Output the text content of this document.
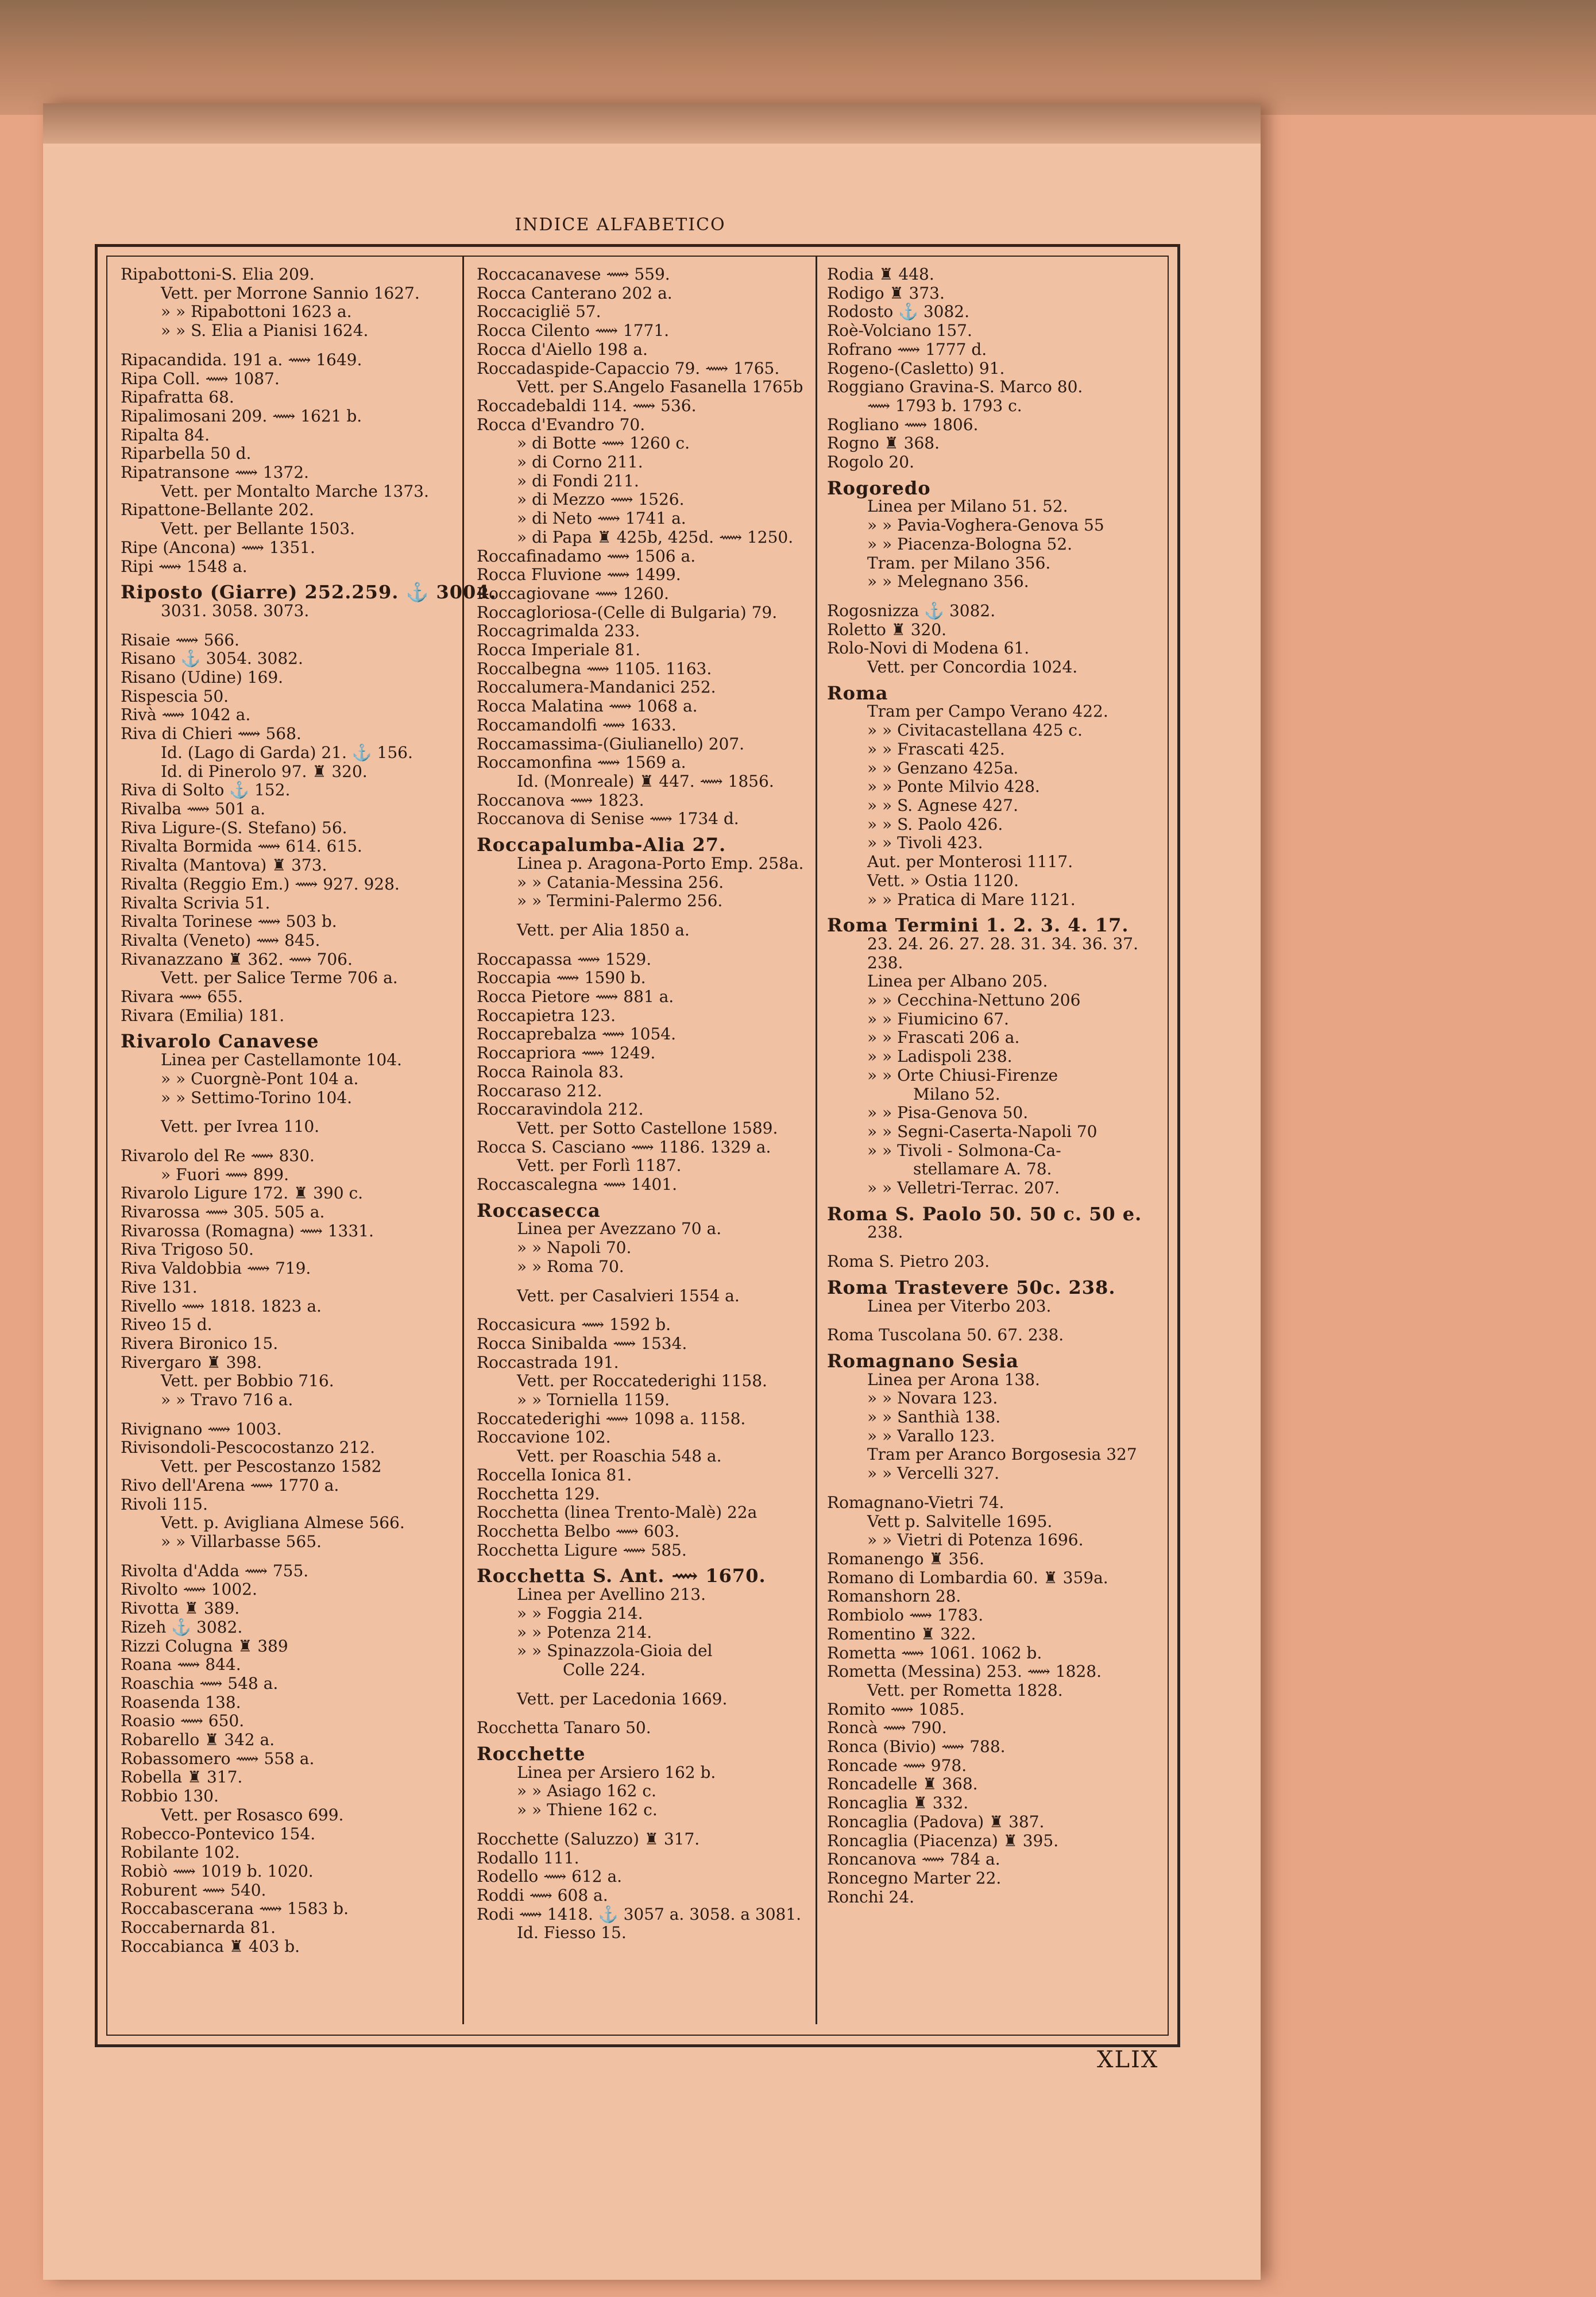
INDICE ALFABETICO
Ripabottoni-S. Elia 209.
Vett. per Morrone Sannio 1627.
» » Ripabottoni 1623 a.
» » S. Elia a Pianisi 1624.
Ripacandida. 191 a. ⟿ 1649.
Ripa Coll. ⟿ 1087.
Ripafratta 68.
Ripalimosani 209. ⟿ 1621 b.
Ripalta 84.
Riparbella 50 d.
Ripatransone ⟿ 1372.
Vett. per Montalto Marche 1373.
Ripattone-Bellante 202.
Vett. per Bellante 1503.
Ripe (Ancona) ⟿ 1351.
Ripi ⟿ 1548 a.
Riposto (Giarre) 252.259. ⚓ 3004.
3031. 3058. 3073.
Risaie ⟿ 566.
Risano ⚓ 3054. 3082.
Risano (Udine) 169.
Rispescia 50.
Rivà ⟿ 1042 a.
Riva di Chieri ⟿ 568.
Id. (Lago di Garda) 21. ⚓ 156.
Id. di Pinerolo 97. ♜ 320.
Riva di Solto ⚓ 152.
Rivalba ⟿ 501 a.
Riva Ligure-(S. Stefano) 56.
Rivalta Bormida ⟿ 614. 615.
Rivalta (Mantova) ♜ 373.
Rivalta (Reggio Em.) ⟿ 927. 928.
Rivalta Scrivia 51.
Rivalta Torinese ⟿ 503 b.
Rivalta (Veneto) ⟿ 845.
Rivanazzano ♜ 362. ⟿ 706.
Vett. per Salice Terme 706 a.
Rivara ⟿ 655.
Rivara (Emilia) 181.
Rivarolo Canavese
Linea per Castellamonte 104.
» » Cuorgnè-Pont 104 a.
» » Settimo-Torino 104.
Vett. per Ivrea 110.
Rivarolo del Re ⟿ 830.
» Fuori ⟿ 899.
Rivarolo Ligure 172. ♜ 390 c.
Rivarossa ⟿ 305. 505 a.
Rivarossa (Romagna) ⟿ 1331.
Riva Trigoso 50.
Riva Valdobbia ⟿ 719.
Rive 131.
Rivello ⟿ 1818. 1823 a.
Riveo 15 d.
Rivera Bironico 15.
Rivergaro ♜ 398.
Vett. per Bobbio 716.
» » Travo 716 a.
Rivignano ⟿ 1003.
Rivisondoli-Pescocostanzo 212.
Vett. per Pescostanzo 1582
Rivo dell'Arena ⟿ 1770 a.
Rivoli 115.
Vett. p. Avigliana Almese 566.
» » Villarbasse 565.
Rivolta d'Adda ⟿ 755.
Rivolto ⟿ 1002.
Rivotta ♜ 389.
Rizeh ⚓ 3082.
Rizzi Colugna ♜ 389
Roana ⟿ 844.
Roaschia ⟿ 548 a.
Roasenda 138.
Roasio ⟿ 650.
Robarello ♜ 342 a.
Robassomero ⟿ 558 a.
Robella ♜ 317.
Robbio 130.
Vett. per Rosasco 699.
Robecco-Pontevico 154.
Robilante 102.
Robiò ⟿ 1019 b. 1020.
Roburent ⟿ 540.
Roccabascerana ⟿ 1583 b.
Roccabernarda 81.
Roccabianca ♜ 403 b.
Roccacanavese ⟿ 559.
Rocca Canterano 202 a.
Roccaciglië 57.
Rocca Cilento ⟿ 1771.
Rocca d'Aiello 198 a.
Roccadaspide-Capaccio 79. ⟿ 1765.
Vett. per S.Angelo Fasanella 1765b
Roccadebaldi 114. ⟿ 536.
Rocca d'Evandro 70.
» di Botte ⟿ 1260 c.
» di Corno 211.
» di Fondi 211.
» di Mezzo ⟿ 1526.
» di Neto ⟿ 1741 a.
» di Papa ♜ 425b, 425d. ⟿ 1250.
Roccafinadamo ⟿ 1506 a.
Rocca Fluvione ⟿ 1499.
Roccagiovane ⟿ 1260.
Roccagloriosa-(Celle di Bulgaria) 79.
Roccagrimalda 233.
Rocca Imperiale 81.
Roccalbegna ⟿ 1105. 1163.
Roccalumera-Mandanici 252.
Rocca Malatina ⟿ 1068 a.
Roccamandolfi ⟿ 1633.
Roccamassima-(Giulianello) 207.
Roccamonfina ⟿ 1569 a.
Id. (Monreale) ♜ 447. ⟿ 1856.
Roccanova ⟿ 1823.
Roccanova di Senise ⟿ 1734 d.
Roccapalumba-Alia 27.
Linea p. Aragona-Porto Emp. 258a.
» » Catania-Messina 256.
» » Termini-Palermo 256.
Vett. per Alia 1850 a.
Roccapassa ⟿ 1529.
Roccapia ⟿ 1590 b.
Rocca Pietore ⟿ 881 a.
Roccapietra 123.
Roccaprebalza ⟿ 1054.
Roccapriora ⟿ 1249.
Rocca Rainola 83.
Roccaraso 212.
Roccaravindola 212.
Vett. per Sotto Castellone 1589.
Rocca S. Casciano ⟿ 1186. 1329 a.
Vett. per Forlì 1187.
Roccascalegna ⟿ 1401.
Roccasecca
Linea per Avezzano 70 a.
» » Napoli 70.
» » Roma 70.
Vett. per Casalvieri 1554 a.
Roccasicura ⟿ 1592 b.
Rocca Sinibalda ⟿ 1534.
Roccastrada 191.
Vett. per Roccatederighi 1158.
» » Torniella 1159.
Roccatederighi ⟿ 1098 a. 1158.
Roccavione 102.
Vett. per Roaschia 548 a.
Roccella Ionica 81.
Rocchetta 129.
Rocchetta (linea Trento-Malè) 22a
Rocchetta Belbo ⟿ 603.
Rocchetta Ligure ⟿ 585.
Rocchetta S. Ant. ⟿ 1670.
Linea per Avellino 213.
» » Foggia 214.
» » Potenza 214.
» » Spinazzola-Gioia del
Colle 224.
Vett. per Lacedonia 1669.
Rocchetta Tanaro 50.
Rocchette
Linea per Arsiero 162 b.
» » Asiago 162 c.
» » Thiene 162 c.
Rocchette (Saluzzo) ♜ 317.
Rodallo 111.
Rodello ⟿ 612 a.
Roddi ⟿ 608 a.
Rodi ⟿ 1418. ⚓ 3057 a. 3058. a 3081.
Id. Fiesso 15.
Rodia ♜ 448.
Rodigo ♜ 373.
Rodosto ⚓ 3082.
Roè-Volciano 157.
Rofrano ⟿ 1777 d.
Rogeno-(Casletto) 91.
Roggiano Gravina-S. Marco 80.
⟿ 1793 b. 1793 c.
Rogliano ⟿ 1806.
Rogno ♜ 368.
Rogolo 20.
Rogoredo
Linea per Milano 51. 52.
» » Pavia-Voghera-Genova 55
» » Piacenza-Bologna 52.
Tram. per Milano 356.
» » Melegnano 356.
Rogosnizza ⚓ 3082.
Roletto ♜ 320.
Rolo-Novi di Modena 61.
Vett. per Concordia 1024.
Roma
Tram per Campo Verano 422.
» » Civitacastellana 425 c.
» » Frascati 425.
» » Genzano 425a.
» » Ponte Milvio 428.
» » S. Agnese 427.
» » S. Paolo 426.
» » Tivoli 423.
Aut. per Monterosi 1117.
Vett. » Ostia 1120.
» » Pratica di Mare 1121.
Roma Termini 1. 2. 3. 4. 17.
23. 24. 26. 27. 28. 31. 34. 36. 37.
238.
Linea per Albano 205.
» » Cecchina-Nettuno 206
» » Fiumicino 67.
» » Frascati 206 a.
» » Ladispoli 238.
» » Orte Chiusi-Firenze
Milano 52.
» » Pisa-Genova 50.
» » Segni-Caserta-Napoli 70
» » Tivoli - Solmona-Ca-
stellamare A. 78.
» » Velletri-Terrac. 207.
Roma S. Paolo 50. 50 c. 50 e.
238.
Roma S. Pietro 203.
Roma Trastevere 50c. 238.
Linea per Viterbo 203.
Roma Tuscolana 50. 67. 238.
Romagnano Sesia
Linea per Arona 138.
» » Novara 123.
» » Santhià 138.
» » Varallo 123.
Tram per Aranco Borgosesia 327
» » Vercelli 327.
Romagnano-Vietri 74.
Vett p. Salvitelle 1695.
» » Vietri di Potenza 1696.
Romanengo ♜ 356.
Romano di Lombardia 60. ♜ 359a.
Romanshorn 28.
Rombiolo ⟿ 1783.
Romentino ♜ 322.
Rometta ⟿ 1061. 1062 b.
Rometta (Messina) 253. ⟿ 1828.
Vett. per Rometta 1828.
Romito ⟿ 1085.
Roncà ⟿ 790.
Ronca (Bivio) ⟿ 788.
Roncade ⟿ 978.
Roncadelle ♜ 368.
Roncaglia ♜ 332.
Roncaglia (Padova) ♜ 387.
Roncaglia (Piacenza) ♜ 395.
Roncanova ⟿ 784 a.
Roncegno Marter 22.
Ronchi 24.
XLIX
